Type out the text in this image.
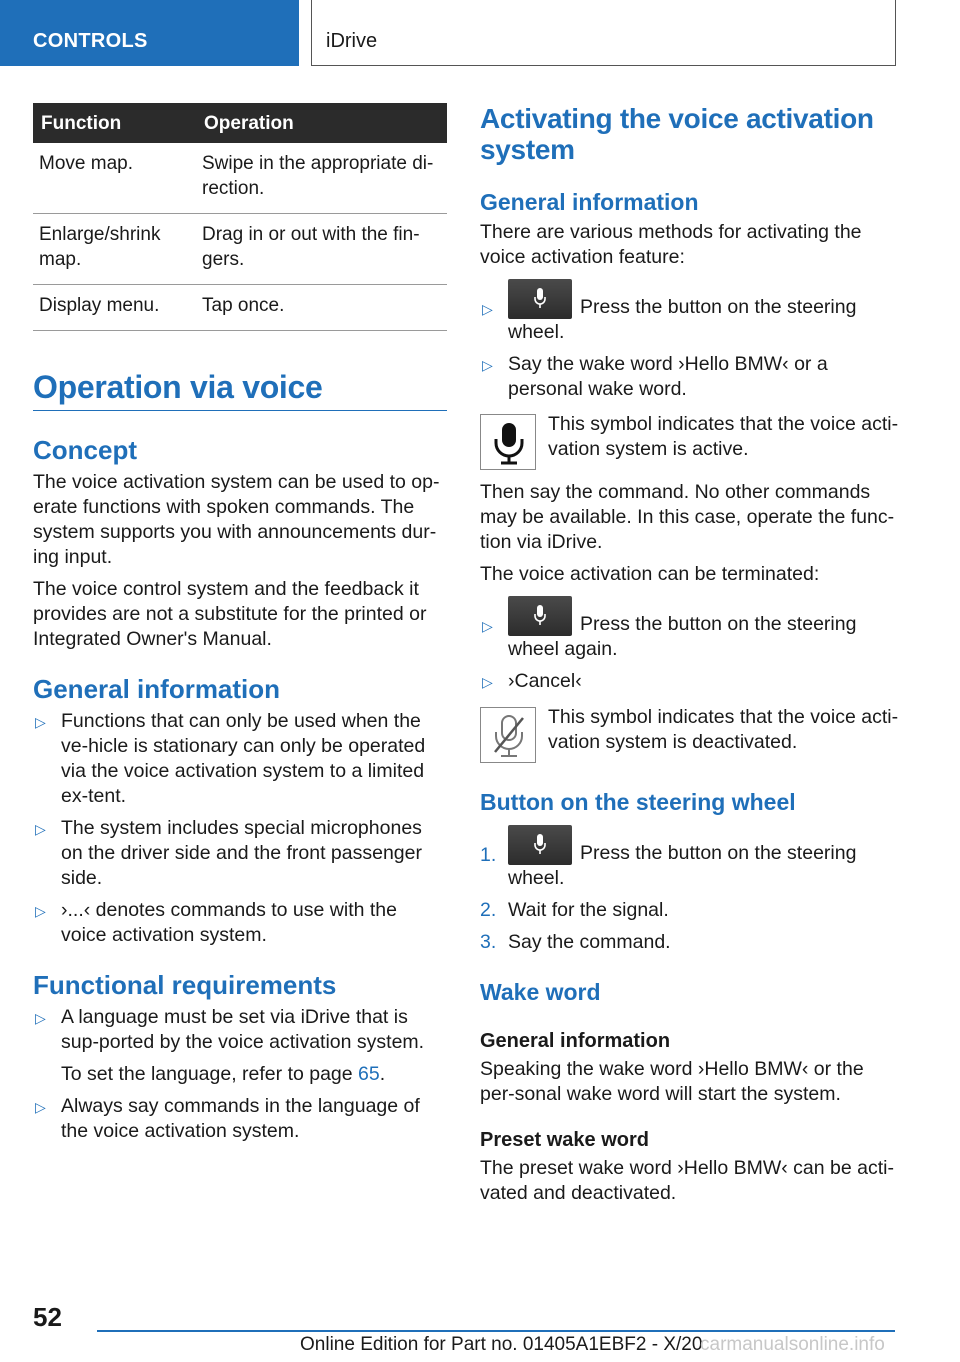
CONTROLS	iDrive
Function	Operation
Move map.	Swipe in the appropriate di-rection.
Enlarge/shrink map.	Drag in or out with the fin-gers.
Display menu.	Tap once.
Operation via voice
Concept

The voice activation system can be used to op-erate functions with spoken commands. The system supports you with announcements dur-ing input.

The voice control system and the feedback it provides are not a substitute for the printed or Integrated Owner's Manual.

General information
▷ Functions that can only be used when the ve-hicle is stationary can only be operated via the voice activation system to a limited ex-tent.
▷ The system includes special microphones on the driver side and the front passenger side.
▷ ›...‹ denotes commands to use with the voice activation system.
Functional requirements
▷ A language must be set via iDrive that is sup-ported by the voice activation system.
To set the language, refer to page 65.
▷ Always say commands in the language of the voice activation system.
Activating the voice activation system
General information

There are various methods for activating the voice activation feature:

▷	Press the button on the steering wheel.
▷ Say the wake word ›Hello BMW‹ or a personal wake word.

This symbol indicates that the voice acti-vation system is active.

Then say the command. No other commands may be available. In this case, operate the func-tion via iDrive.

The voice activation can be terminated:

▷	Press the button on the steering wheel again.
▷ ›Cancel‹

This symbol indicates that the voice acti-vation system is deactivated.

Button on the steering wheel
1.	Press the button on the steering wheel.
2. Wait for the signal.
3. Say the command.
Wake word
General information

Speaking the wake word ›Hello BMW‹ or the per-sonal wake word will start the system.

Preset wake word

The preset wake word ›Hello BMW‹ can be acti-vated and deactivated.

52
Online Edition for Part no. 01405A1EBF2 - X/20
carmanualsonline.info
